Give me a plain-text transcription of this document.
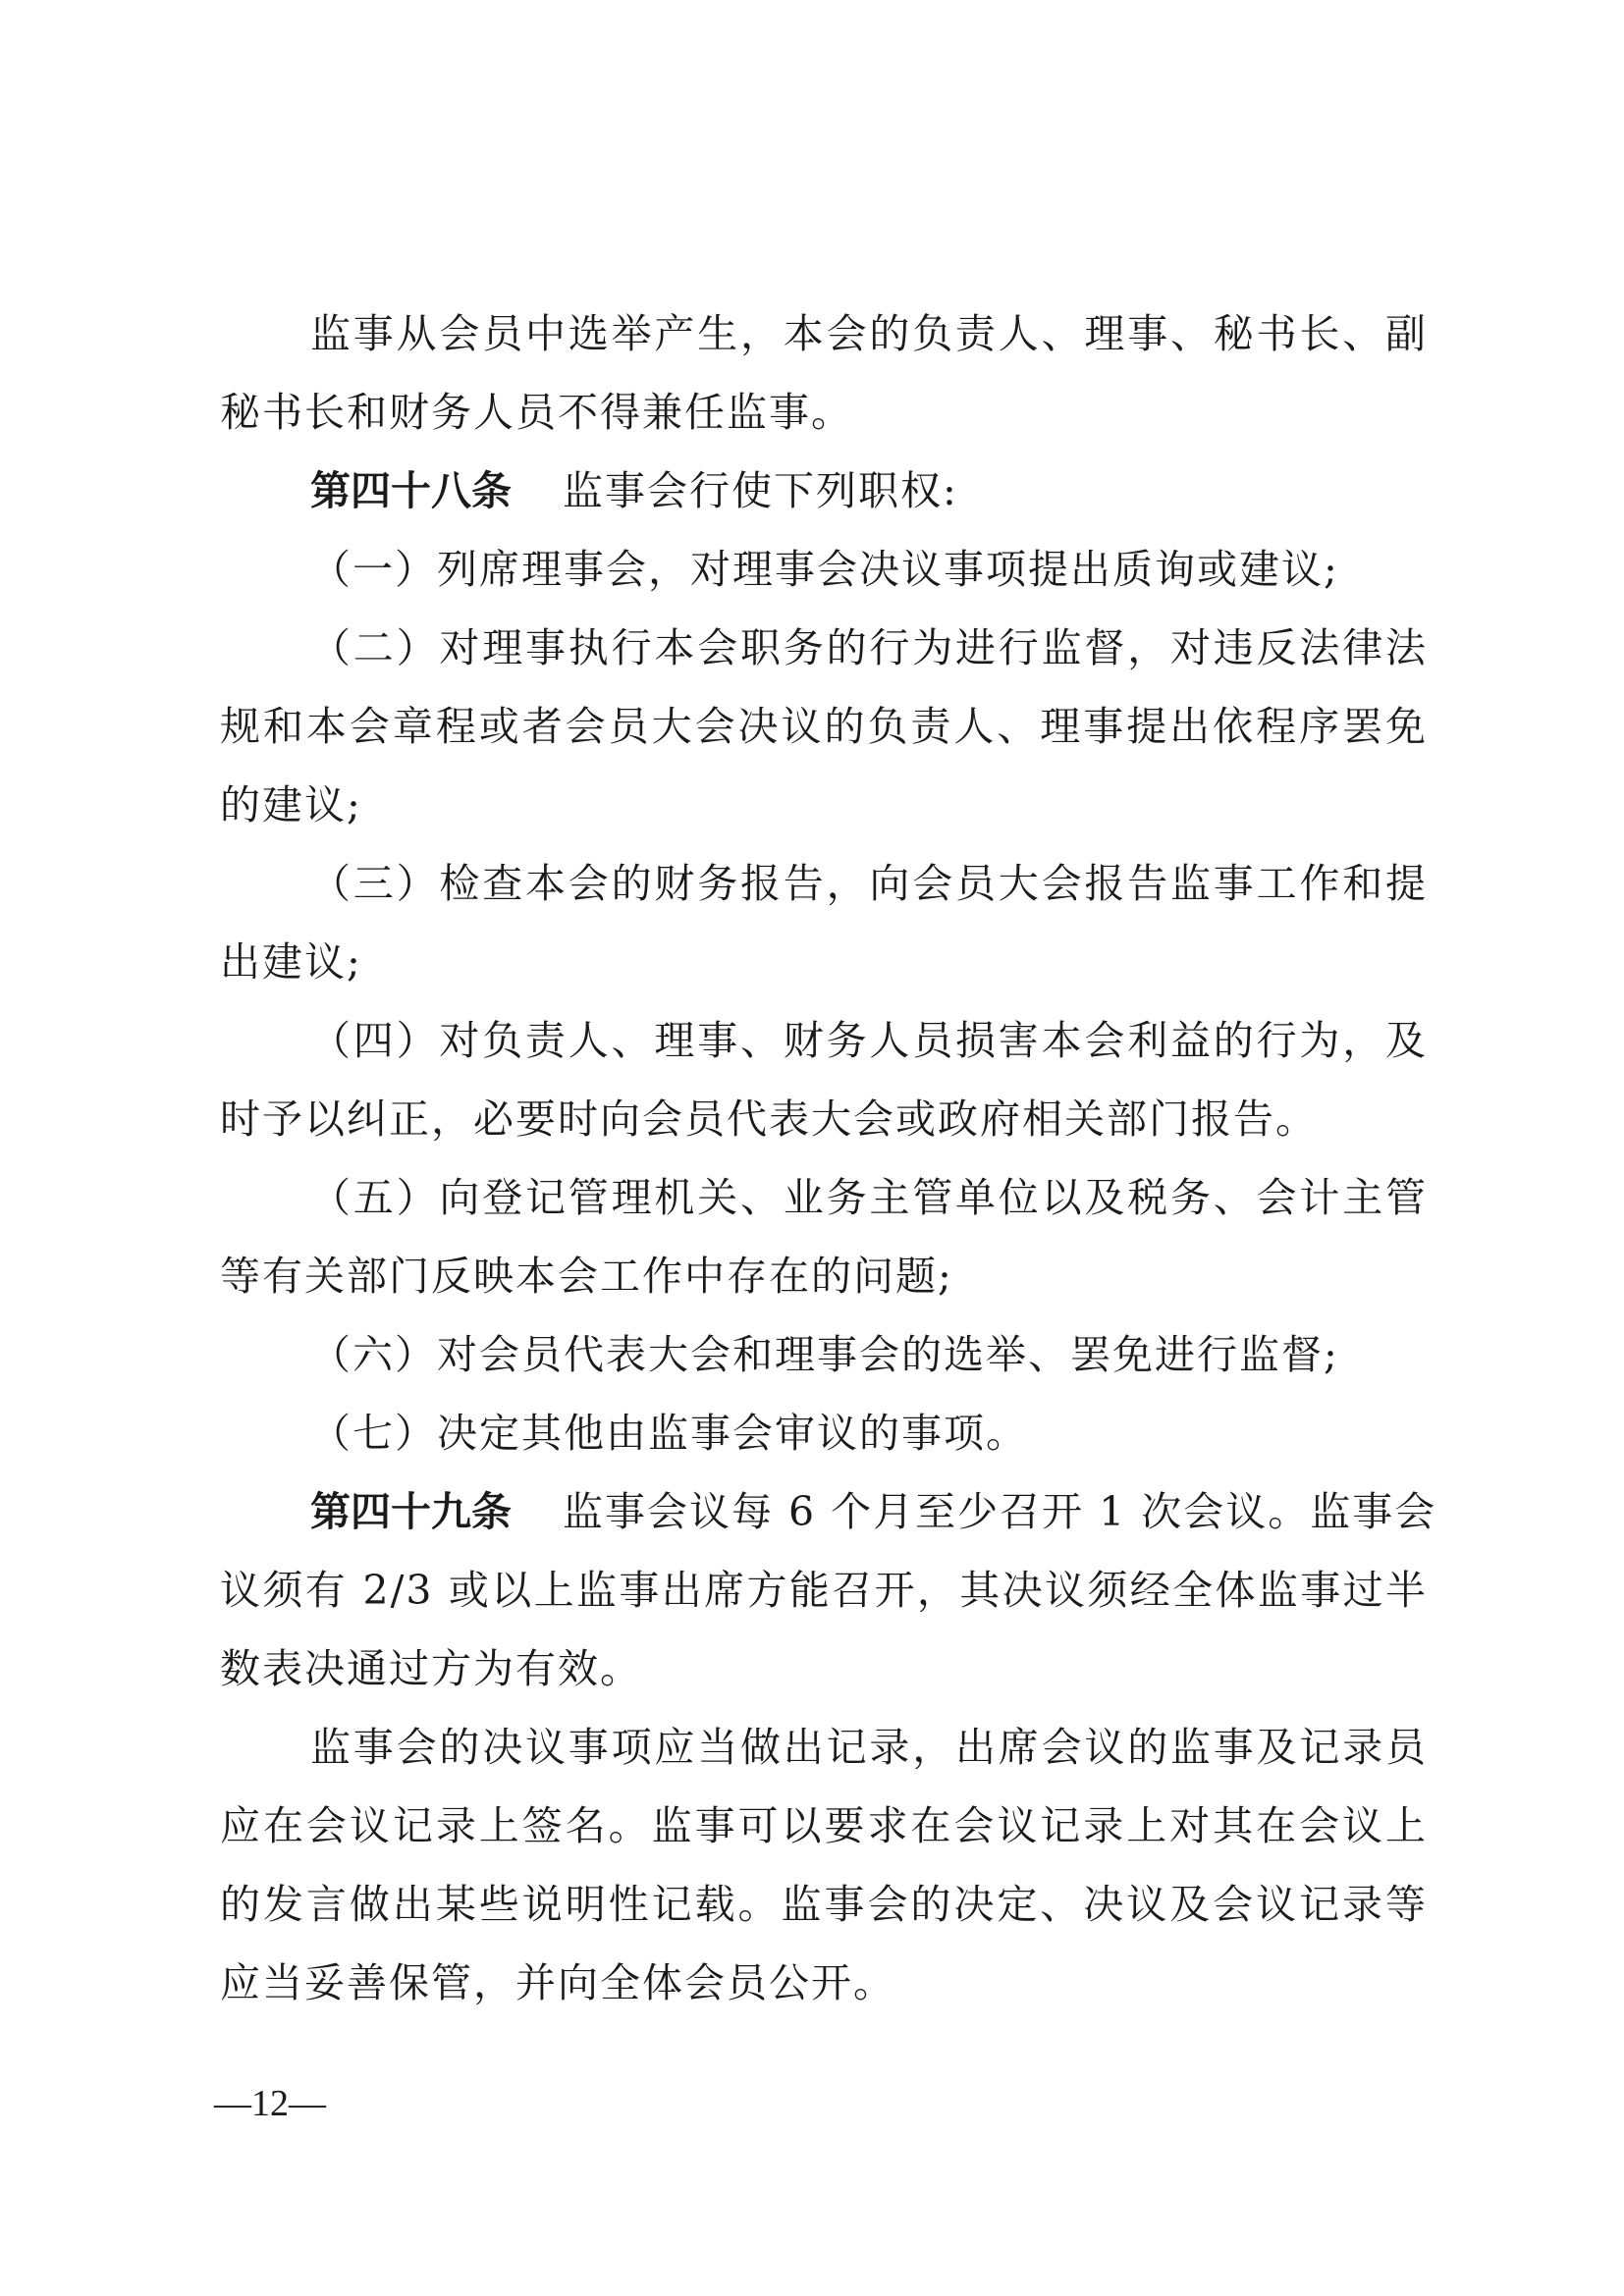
监事从会员中选举产生，本会的负责人、理事、秘书长、副
秘书长和财务人员不得兼任监事。
第四十八条 监事会行使下列职权:
（一）列席理事会，对理事会决议事项提出质询或建议;
（二）对理事执行本会职务的行为进行监督，对违反法律法
规和本会章程或者会员大会决议的负责人、理事提出依程序罢免
的建议;
（三）检查本会的财务报告，向会员大会报告监事工作和提
出建议;
（四）对负责人、理事、财务人员损害本会利益的行为，及
时予以纠正，必要时向会员代表大会或政府相关部门报告。
（五）向登记管理机关、业务主管单位以及税务、会计主管
等有关部门反映本会工作中存在的问题;
（六）对会员代表大会和理事会的选举、罢免进行监督;
（七）决定其他由监事会审议的事项。
第四十九条 监事会议每 6 个月至少召开 1 次会议。监事会
议须有 2/3 或以上监事出席方能召开，其决议须经全体监事过半
数表决通过方为有效。
监事会的决议事项应当做出记录，出席会议的监事及记录员
应在会议记录上签名。监事可以要求在会议记录上对其在会议上
的发言做出某些说明性记载。监事会的决定、决议及会议记录等
应当妥善保管，并向全体会员公开。
—12—
